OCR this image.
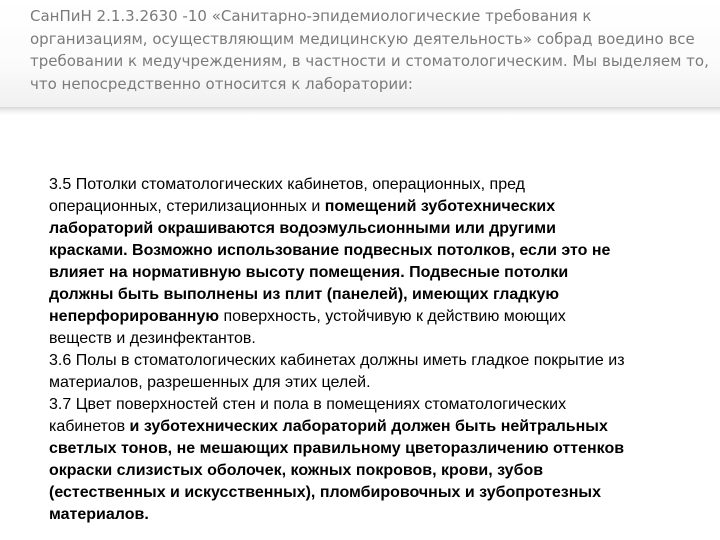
СанПиН 2.1.3.2630 -10 «Санитарно-эпидемиологические требования к
организациям, осуществляющим медицинскую деятельность» собрад воедино все
требовании к медучреждениям, в частности и стоматологическим. Мы выделяем то,
что непосредственно относится к лаборатории:

3.5 Потолки стоматологических кабинетов, операционных, пред
операционных, стерилизационных и помещений зуботехнических
лабораторий окрашиваются водоэмульсионными или другими
красками. Возможно использование подвесных потолков, если это не
влияет на нормативную высоту помещения. Подвесные потолки
должны быть выполнены из плит (панелей), имеющих гладкую
неперфорированную поверхность, устойчивую к действию моющих
веществ и дезинфектантов.
3.6 Полы в стоматологических кабинетах должны иметь гладкое покрытие из
материалов, разрешенных для этих целей.
3.7 Цвет поверхностей стен и пола в помещениях стоматологических
кабинетов и зуботехнических лабораторий должен быть нейтральных
светлых тонов, не мешающих правильному цветоразличению оттенков
окраски слизистых оболочек, кожных покровов, крови, зубов
(естественных и искусственных), пломбировочных и зубопротезных
материалов.
